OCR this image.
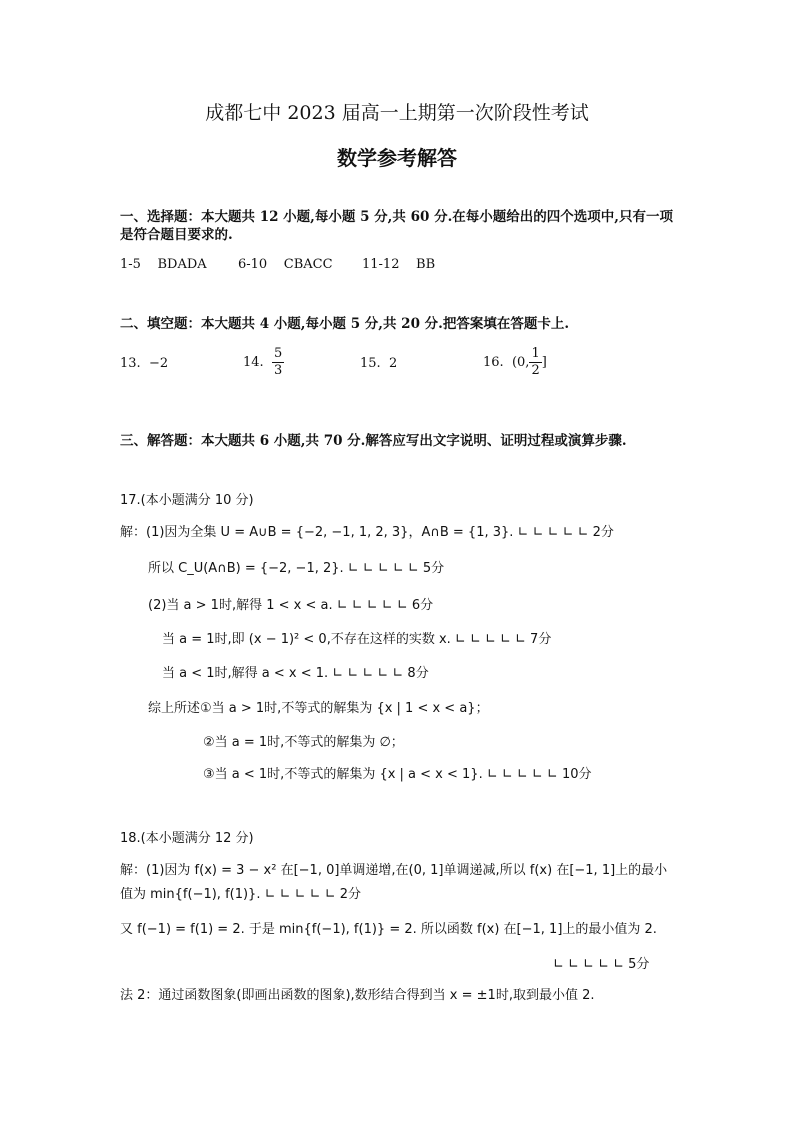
成都七中 2023 届高一上期第一次阶段性考试
数学参考解答
一、选择题：本大题共 12 小题,每小题 5 分,共 60 分.在每小题给出的四个选项中,只有一项
是符合题目要求的.
1-5 BDADA 6-10 CBACC 11-12 BB
二、填空题：本大题共 4 小题,每小题 5 分,共 20 分.把答案填在答题卡上.
13. −2	14. $\frac{5}{3}$	15. 2	16. (0, $\frac{1}{2}$ ]
三、解答题：本大题共 6 小题,共 70 分.解答应写出文字说明、证明过程或演算步骤.
17.(本小题满分 10 分)
解：(1)因为全集 U = A∪B = {−2, −1, 1, 2, 3}，A∩B = {1, 3}. ∟ ∟ ∟ ∟ ∟ 2分
所以 C_U(A∩B) = {−2, −1, 2}. ∟ ∟ ∟ ∟ ∟ 5分
(2)当 a > 1时,解得 1 < x < a. ∟ ∟ ∟ ∟ ∟ 6分
当 a = 1时,即 (x − 1)² < 0,不存在这样的实数 x. ∟ ∟ ∟ ∟ ∟ 7分
当 a < 1时,解得 a < x < 1. ∟ ∟ ∟ ∟ ∟ 8分
综上所述①当 a > 1时,不等式的解集为 {x | 1 < x < a}；
②当 a = 1时,不等式的解集为 ∅；
③当 a < 1时,不等式的解集为 {x | a < x < 1}. ∟ ∟ ∟ ∟ ∟ 10分
18.(本小题满分 12 分)
解：(1)因为 f(x) = 3 − x² 在[−1, 0]单调递增,在(0, 1]单调递减,所以 f(x) 在[−1, 1]上的最小
值为 min{f(−1), f(1)}. ∟ ∟ ∟ ∟ ∟ 2分
又 f(−1) = f(1) = 2. 于是 min{f(−1), f(1)} = 2. 所以函数 f(x) 在[−1, 1]上的最小值为 2.
∟ ∟ ∟ ∟ ∟ 5分
法 2：通过函数图象(即画出函数的图象),数形结合得到当 x = ±1时,取到最小值 2.
